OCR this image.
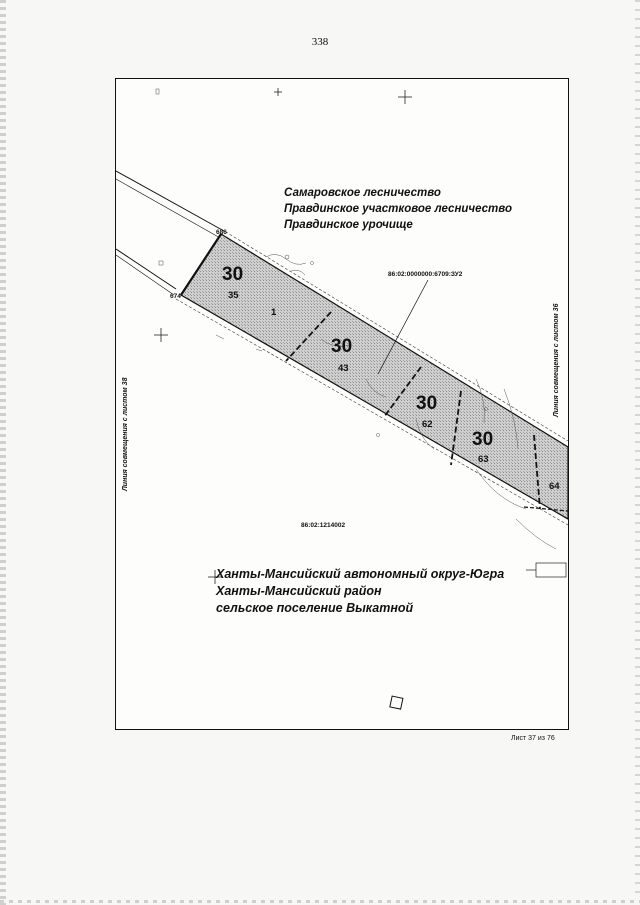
338
Самаровское лесничество
Правдинское участковое лесничество
Правдинское урочище
86:02:0000000:6709:ЗУ2
686
674
30
35
30
43
30
62
30
63
1
64
86:02:1214002
Ханты-Мансийский автономный округ-Югра
Ханты-Мансийский район
сельское поселение Выкатной
Линия совмещения с листом 38
Линия совмещения с листом 36
Лист 37 из 76
